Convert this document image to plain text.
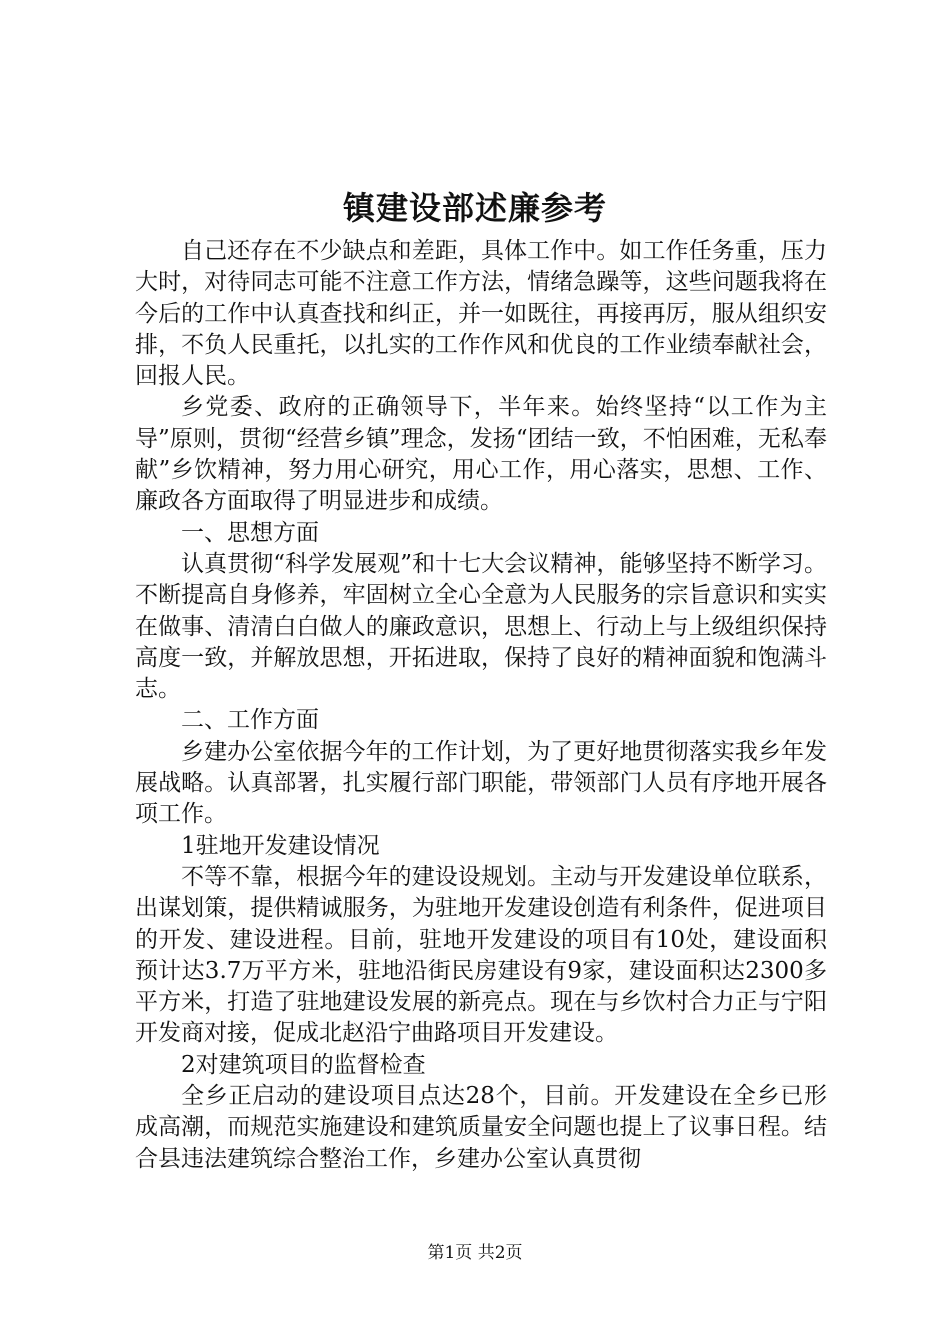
镇建设部述廉参考

自己还存在不少缺点和差距，具体工作中。如工作任务重，压力大时，对待同志可能不注意工作方法，情绪急躁等，这些问题我将在今后的工作中认真查找和纠正，并一如既往，再接再厉，服从组织安排，不负人民重托，以扎实的工作作风和优良的工作业绩奉献社会，回报人民。

乡党委、政府的正确领导下，半年来。始终坚持“以工作为主导”原则，贯彻“经营乡镇”理念，发扬“团结一致，不怕困难，无私奉献”乡饮精神，努力用心研究，用心工作，用心落实，思想、工作、廉政各方面取得了明显进步和成绩。

一、思想方面

认真贯彻“科学发展观”和十七大会议精神，能够坚持不断学习。不断提高自身修养，牢固树立全心全意为人民服务的宗旨意识和实实在做事、清清白白做人的廉政意识，思想上、行动上与上级组织保持高度一致，并解放思想，开拓进取，保持了良好的精神面貌和饱满斗志。

二、工作方面

乡建办公室依据今年的工作计划，为了更好地贯彻落实我乡年发展战略。认真部署，扎实履行部门职能，带领部门人员有序地开展各项工作。

1驻地开发建设情况

不等不靠，根据今年的建设设规划。主动与开发建设单位联系，出谋划策，提供精诚服务，为驻地开发建设创造有利条件，促进项目的开发、建设进程。目前，驻地开发建设的项目有10处，建设面积预计达3.7万平方米，驻地沿街民房建设有9家，建设面积达2300多平方米，打造了驻地建设发展的新亮点。现在与乡饮村合力正与宁阳开发商对接，促成北赵沿宁曲路项目开发建设。

2对建筑项目的监督检查

全乡正启动的建设项目点达28个，目前。开发建设在全乡已形成高潮，而规范实施建设和建筑质量安全问题也提上了议事日程。结合县违法建筑综合整治工作，乡建办公室认真贯彻

第1页 共2页
